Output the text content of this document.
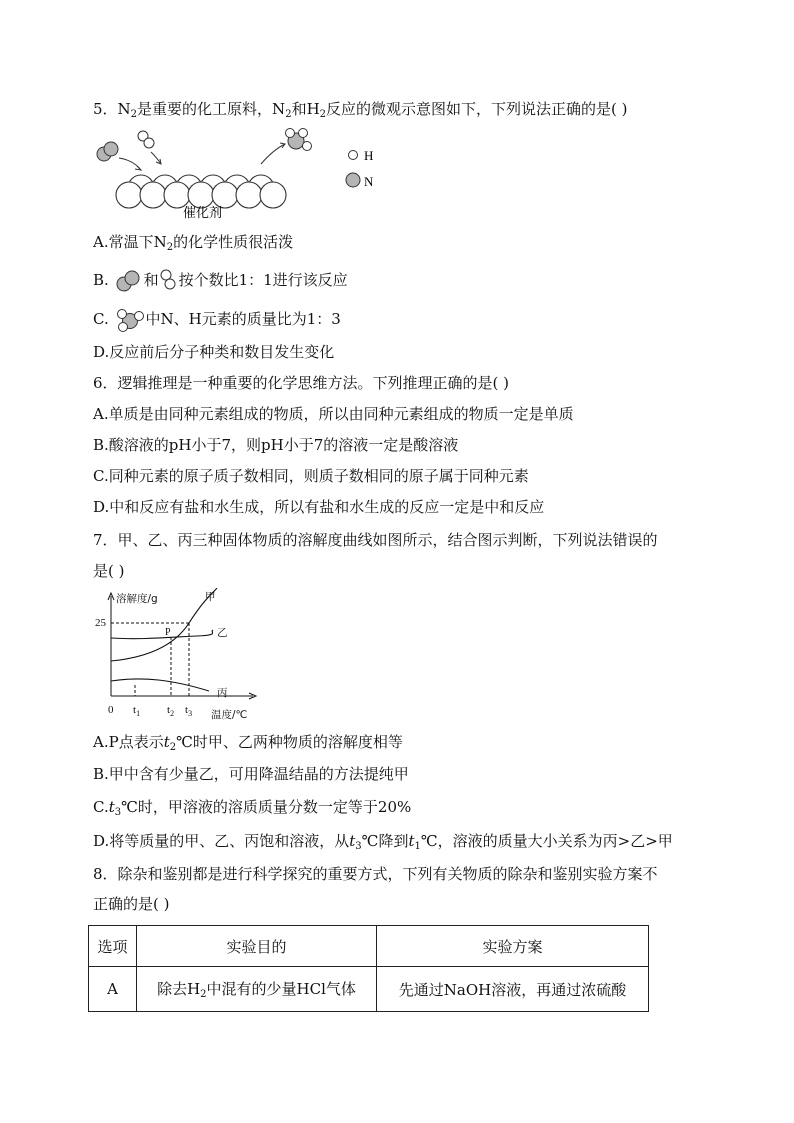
5．$N_2$是重要的化工原料，$N_2$和$H_2$反应的微观示意图如下，下列说法正确的是( )
H
N
催化剂
A.常温下$N_2$的化学性质很活泼
B. 和 按个数比1：1进行该反应
C. 中N、H元素的质量比为1：3
D.反应前后分子种类和数目发生变化
6．逻辑推理是一种重要的化学思维方法。下列推理正确的是( )
A.单质是由同种元素组成的物质，所以由同种元素组成的物质一定是单质
B.酸溶液的pH小于7，则pH小于7的溶液一定是酸溶液
C.同种元素的原子质子数相同，则质子数相同的原子属于同种元素
D.中和反应有盐和水生成，所以有盐和水生成的反应一定是中和反应
7．甲、乙、丙三种固体物质的溶解度曲线如图所示，结合图示判断，下列说法错误的
是( )
溶解度/g
温度/℃
25
0 $t_1$ $t_2$ $t_3$
P
甲
乙
丙
A.P点表示$t_2℃$时甲、乙两种物质的溶解度相等
B.甲中含有少量乙，可用降温结晶的方法提纯甲
$C.t_3℃$时，甲溶液的溶质质量分数一定等于20%
D.将等质量的甲、乙、丙饱和溶液，从$t_3℃$降到$t_1℃$，溶液的质量大小关系为丙>乙>甲
8．除杂和鉴别都是进行科学探究的重要方式，下列有关物质的除杂和鉴别实验方案不
正确的是( )
选项	实验目的	实验方案
A	除去$H_2$中混有的少量HCl气体	先通过NaOH溶液，再通过浓硫酸
